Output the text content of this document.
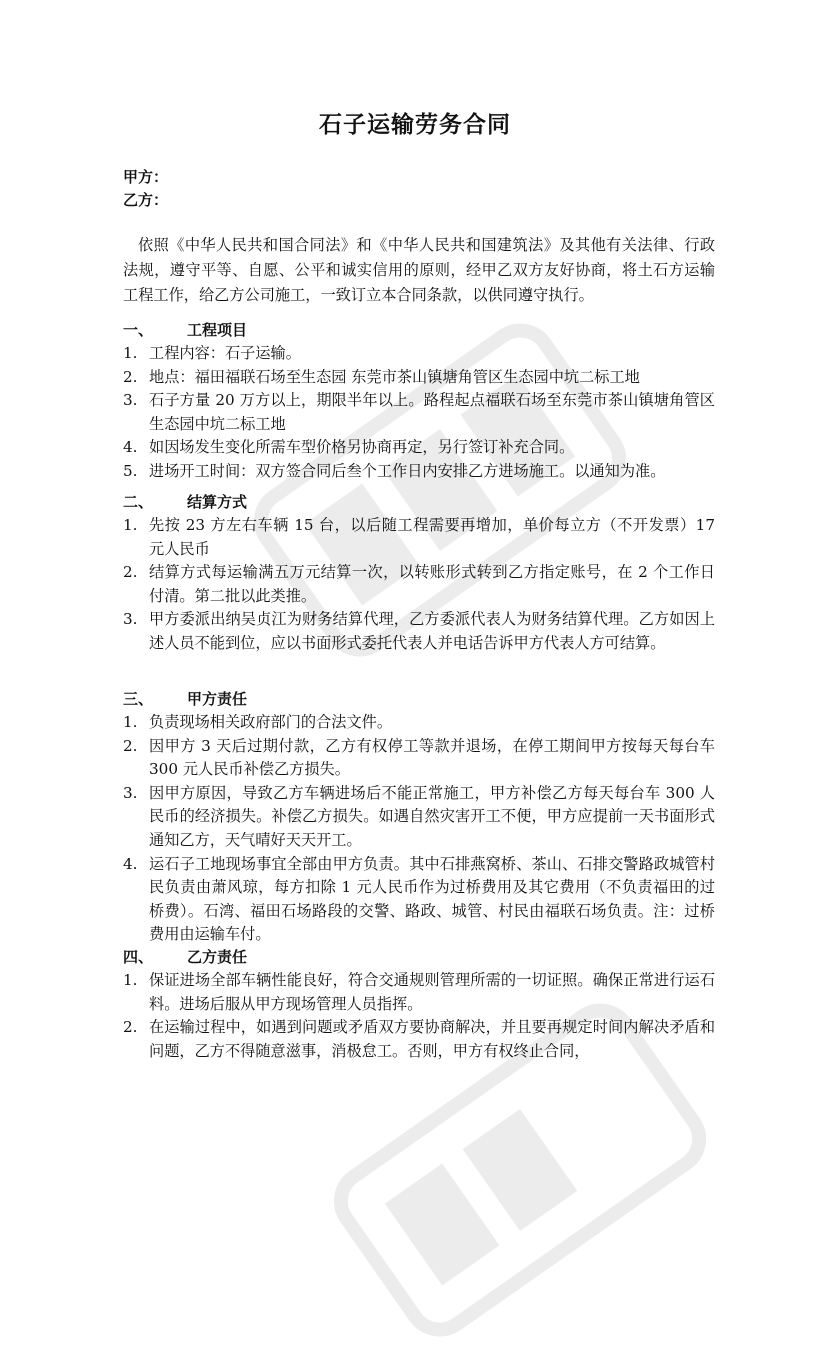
石子运输劳务合同
甲方：
乙方：

依照《中华人民共和国合同法》和《中华人民共和国建筑法》及其他有关法律、行政法规，遵守平等、自愿、公平和诚实信用的原则，经甲乙双方友好协商，将土石方运输工程工作，给乙方公司施工，一致订立本合同条款，以供同遵守执行。

一、 工程项目
1. 工程内容：石子运输。
2. 地点：福田福联石场至生态园 东莞市茶山镇塘角管区生态园中坑二标工地
3. 石子方量 20 万方以上，期限半年以上。路程起点福联石场至东莞市茶山镇塘角管区生态园中坑二标工地
4. 如因场发生变化所需车型价格另协商再定，另行签订补充合同。
5. 进场开工时间：双方签合同后叁个工作日内安排乙方进场施工。以通知为准。
二、 结算方式
1. 先按 23 方左右车辆 15 台，以后随工程需要再增加，单价每立方（不开发票）17 元人民币
2. 结算方式每运输满五万元结算一次，以转账形式转到乙方指定账号，在 2 个工作日付清。第二批以此类推。
3. 甲方委派出纳吴贞江为财务结算代理，乙方委派代表人为财务结算代理。乙方如因上述人员不能到位，应以书面形式委托代表人并电话告诉甲方代表人方可结算。
三、 甲方责任
1. 负责现场相关政府部门的合法文件。
2. 因甲方 3 天后过期付款，乙方有权停工等款并退场，在停工期间甲方按每天每台车 300 元人民币补偿乙方损失。
3. 因甲方原因，导致乙方车辆进场后不能正常施工，甲方补偿乙方每天每台车 300 人民币的经济损失。补偿乙方损失。如遇自然灾害开工不便，甲方应提前一天书面形式通知乙方，天气晴好天天开工。
4. 运石子工地现场事宜全部由甲方负责。其中石排燕窝桥、茶山、石排交警路政城管村民负责由萧风琼，每方扣除 1 元人民币作为过桥费用及其它费用（不负责福田的过桥费）。石湾、福田石场路段的交警、路政、城管、村民由福联石场负责。注：过桥费用由运输车付。
四、 乙方责任
1. 保证进场全部车辆性能良好，符合交通规则管理所需的一切证照。确保正常进行运石料。进场后服从甲方现场管理人员指挥。
2. 在运输过程中，如遇到问题或矛盾双方要协商解决，并且要再规定时间内解决矛盾和问题，乙方不得随意滋事，消极怠工。否则，甲方有权终止合同，
